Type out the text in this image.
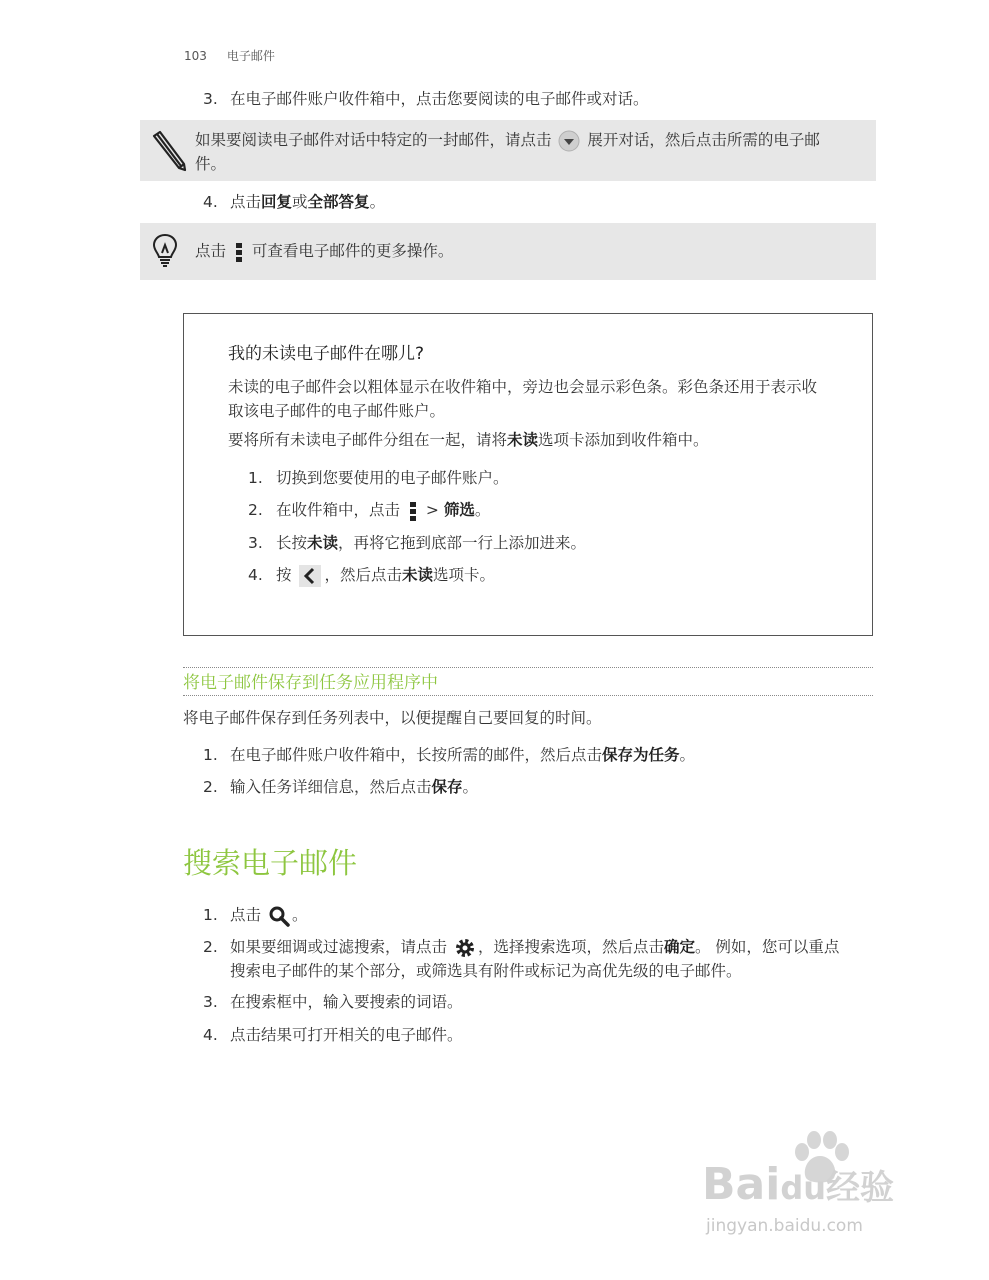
103 电子邮件
3. 在电子邮件账户收件箱中，点击您要阅读的电子邮件或对话。
如果要阅读电子邮件对话中特定的一封邮件，请点击 展开对话，然后点击所需的电子邮
件。
4. 点击回复或全部答复。
点击 可查看电子邮件的更多操作。
我的未读电子邮件在哪儿?

未读的电子邮件会以粗体显示在收件箱中，旁边也会显示彩色条。彩色条还用于表示收

取该电子邮件的电子邮件账户。

要将所有未读电子邮件分组在一起，请将未读选项卡添加到收件箱中。
1. 切换到您要使用的电子邮件账户。
2. 在收件箱中，点击 > 筛选。
3. 长按未读，再将它拖到底部一行上添加进来。
4. 按 ，然后点击未读选项卡。
将电子邮件保存到任务应用程序中
将电子邮件保存到任务列表中，以便提醒自己要回复的时间。
1. 在电子邮件账户收件箱中，长按所需的邮件，然后点击保存为任务。
2. 输入任务详细信息，然后点击保存。
搜索电子邮件
1. 点击 。
2. 如果要细调或过滤搜索，请点击 ，选择搜索选项，然后点击确定。 例如，您可以重点
搜索电子邮件的某个部分，或筛选具有附件或标记为高优先级的电子邮件。
3. 在搜索框中，输入要搜索的词语。
4. 点击结果可打开相关的电子邮件。
Baidu经验
jingyan.baidu.com
